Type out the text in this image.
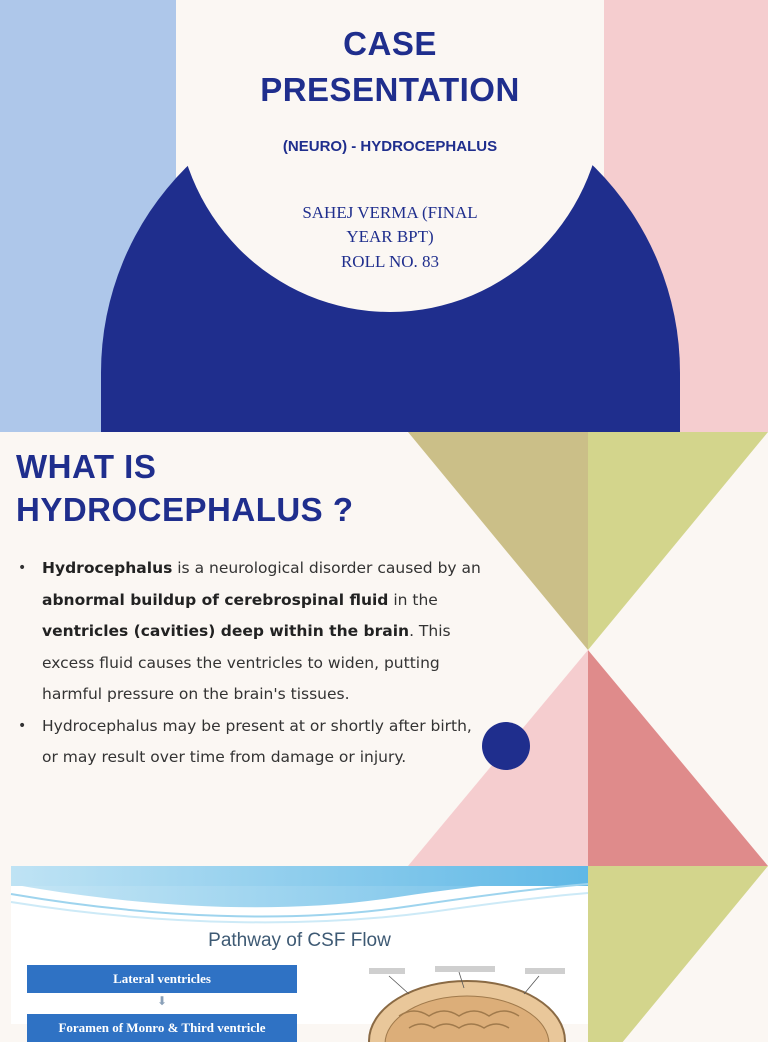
CASE
PRESENTATION
(NEURO) - HYDROCEPHALUS
SAHEJ VERMA (FINAL
YEAR BPT)
ROLL NO. 83
WHAT IS
HYDROCEPHALUS ?
• Hydrocephalus is a neurological disorder caused by an abnormal buildup of cerebrospinal fluid in the ventricles (cavities) deep within the brain. This excess fluid causes the ventricles to widen, putting harmful pressure on the brain's tissues.
• Hydrocephalus may be present at or shortly after birth, or may result over time from damage or injury.
Pathway of CSF Flow
Lateral ventricles
⬇
Foramen of Monro & Third ventricle
